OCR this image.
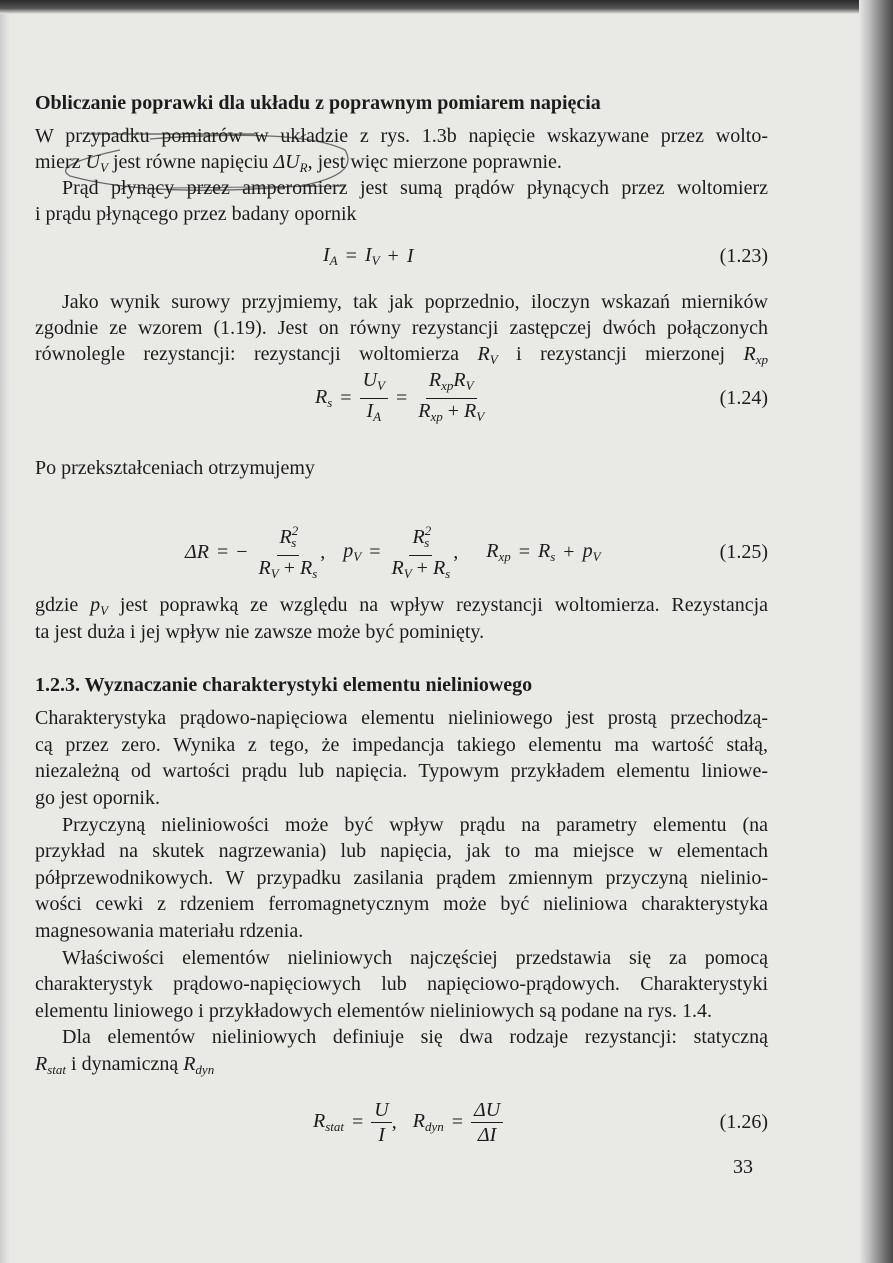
Obliczanie poprawki dla układu z poprawnym pomiarem napięcia
W przypadku pomiarów w układzie z rys. 1.3b napięcie wskazywane przez wolto-
mierz $U_V$ jest równe napięciu $\Delta U_R$, jest więc mierzone poprawnie.
Prąd płynący przez amperomierz jest sumą prądów płynących przez woltomierz
i prądu płynącego przez badany opornik
$I_A = I_V + I$	(1.23)
Jako wynik surowy przyjmiemy, tak jak poprzednio, iloczyn wskazań mierników
zgodnie ze wzorem (1.19). Jest on równy rezystancji zastępczej dwóch połączonych
równolegle rezystancji: rezystancji woltomierza $R_V$ i rezystancji mierzonej $R_{xp}$
$R_s = \frac{U_V}{I_A} = \frac{R_{xp}R_V}{R_{xp} + R_V}$	(1.24)
Po przekształceniach otrzymujemy
ΔR = − $\frac{R^2_s}{R_V + R_s}$ , $p_V = \frac{R^2_s}{R_V + R_s}$ , $R_{xp} = R_s + p_V$	(1.25)
gdzie $p_V$ jest poprawką ze względu na wpływ rezystancji woltomierza. Rezystancja
ta jest duża i jej wpływ nie zawsze może być pominięty.
1.2.3. Wyznaczanie charakterystyki elementu nieliniowego
Charakterystyka prądowo-napięciowa elementu nieliniowego jest prostą przechodzą-
cą przez zero. Wynika z tego, że impedancja takiego elementu ma wartość stałą,
niezależną od wartości prądu lub napięcia. Typowym przykładem elementu liniowe-
go jest opornik.
Przyczyną nieliniowości może być wpływ prądu na parametry elementu (na
przykład na skutek nagrzewania) lub napięcia, jak to ma miejsce w elementach
półprzewodnikowych. W przypadku zasilania prądem zmiennym przyczyną nielinio-
wości cewki z rdzeniem ferromagnetycznym może być nieliniowa charakterystyka
magnesowania materiału rdzenia.
Właściwości elementów nieliniowych najczęściej przedstawia się za pomocą
charakterystyk prądowo-napięciowych lub napięciowo-prądowych. Charakterystyki
elementu liniowego i przykładowych elementów nieliniowych są podane na rys. 1.4.
Dla elementów nieliniowych definiuje się dwa rodzaje rezystancji: statyczną
$R_{stat}$ i dynamiczną $R_{dyn}$
$R_{stat} = \frac{U}{I}$ , $R_{dyn} = \frac{\Delta U}{\Delta I}$	(1.26)
33
